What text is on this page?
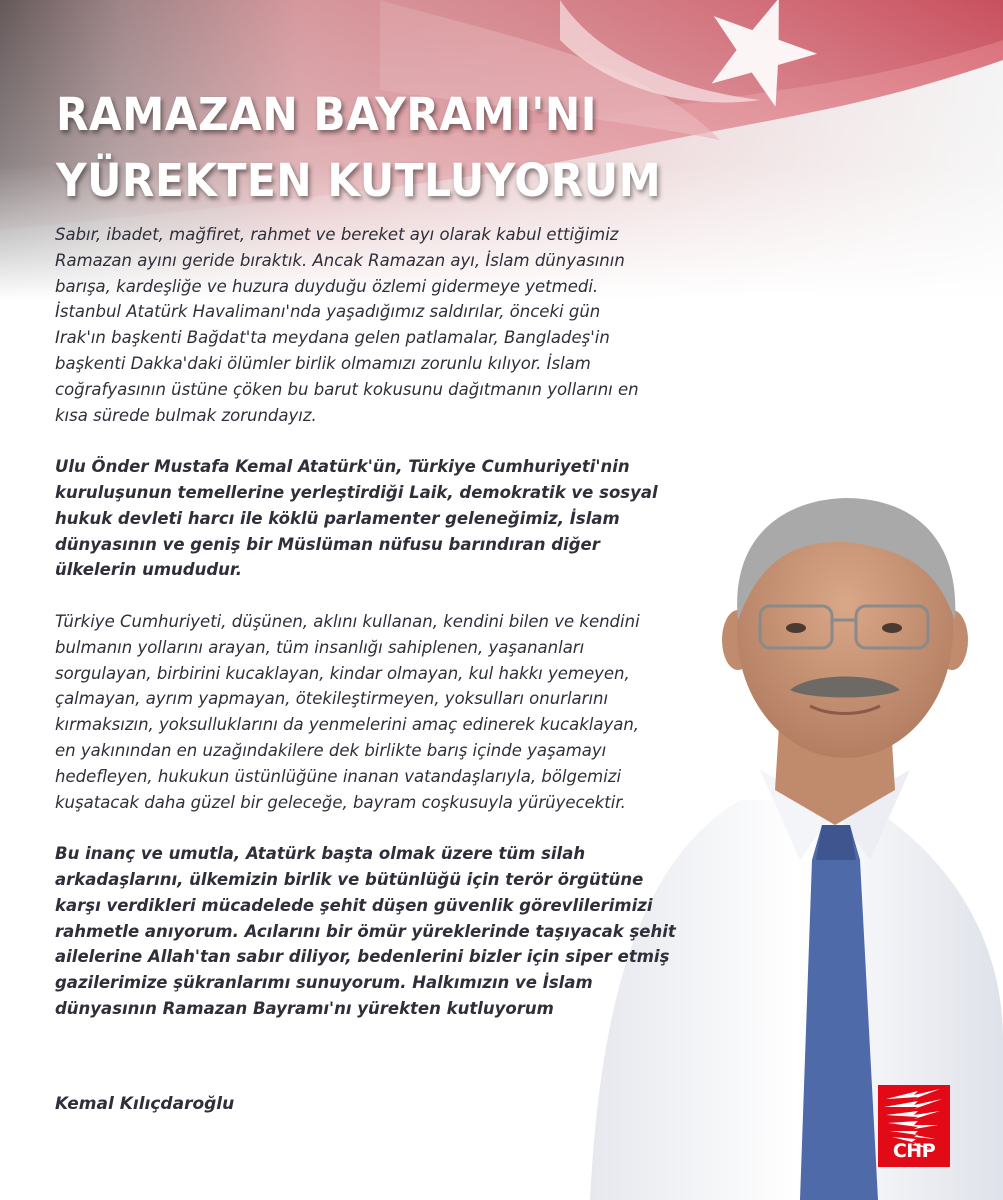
RAMAZAN BAYRAMI'NI
YÜREKTEN KUTLUYORUM

Sabır, ibadet, mağfiret, rahmet ve bereket ayı olarak kabul ettiğimiz
Ramazan ayını geride bıraktık. Ancak Ramazan ayı, İslam dünyasının
barışa, kardeşliğe ve huzura duyduğu özlemi gidermeye yetmedi.
İstanbul Atatürk Havalimanı'nda yaşadığımız saldırılar, önceki gün
Irak'ın başkenti Bağdat'ta meydana gelen patlamalar, Bangladeş'in
başkenti Dakka'daki ölümler birlik olmamızı zorunlu kılıyor. İslam
coğrafyasının üstüne çöken bu barut kokusunu dağıtmanın yollarını en
kısa sürede bulmak zorundayız.

Ulu Önder Mustafa Kemal Atatürk'ün, Türkiye Cumhuriyeti'nin
kuruluşunun temellerine yerleştirdiği Laik, demokratik ve sosyal
hukuk devleti harcı ile köklü parlamenter geleneğimiz, İslam
dünyasının ve geniş bir Müslüman nüfusu barındıran diğer
ülkelerin umududur.

Türkiye Cumhuriyeti, düşünen, aklını kullanan, kendini bilen ve kendini
bulmanın yollarını arayan, tüm insanlığı sahiplenen, yaşananları
sorgulayan, birbirini kucaklayan, kindar olmayan, kul hakkı yemeyen,
çalmayan, ayrım yapmayan, ötekileştirmeyen, yoksulları onurlarını
kırmaksızın, yoksulluklarını da yenmelerini amaç edinerek kucaklayan,
en yakınından en uzağındakilere dek birlikte barış içinde yaşamayı
hedefleyen, hukukun üstünlüğüne inanan vatandaşlarıyla, bölgemizi
kuşatacak daha güzel bir geleceğe, bayram coşkusuyla yürüyecektir.

Bu inanç ve umutla, Atatürk başta olmak üzere tüm silah
arkadaşlarını, ülkemizin birlik ve bütünlüğü için terör örgütüne
karşı verdikleri mücadelede şehit düşen güvenlik görevlilerimizi
rahmetle anıyorum. Acılarını bir ömür yüreklerinde taşıyacak şehit
ailelerine Allah'tan sabır diliyor, bedenlerini bizler için siper etmiş
gazilerimize şükranlarımı sunuyorum. Halkımızın ve İslam
dünyasının Ramazan Bayramı'nı yürekten kutluyorum

Kemal Kılıçdaroğlu

CHP
